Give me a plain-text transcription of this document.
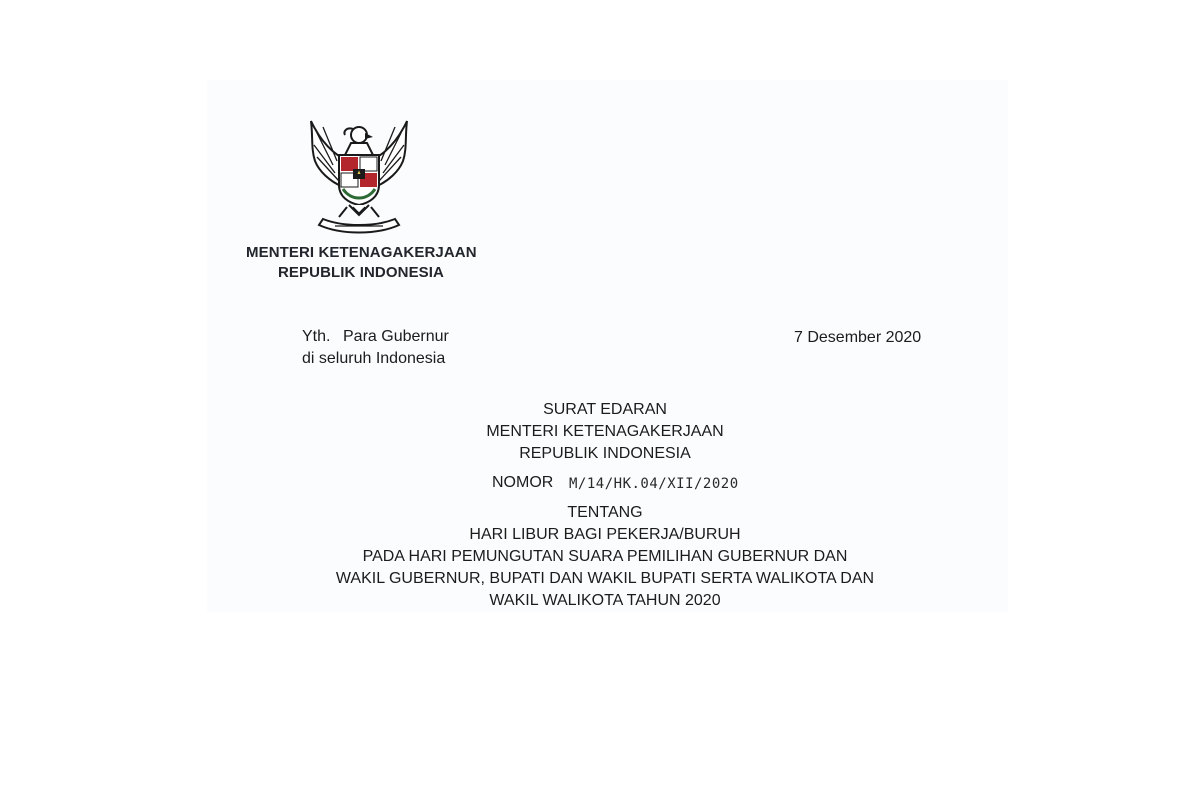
MENTERI KETENAGAKERJAAN
REPUBLIK INDONESIA
Yth. Para Gubernur
di seluruh Indonesia
7 Desember 2020
SURAT EDARAN
MENTERI KETENAGAKERJAAN
REPUBLIK INDONESIA
NOMOR M/14/HK.04/XII/2020
TENTANG
HARI LIBUR BAGI PEKERJA/BURUH
PADA HARI PEMUNGUTAN SUARA PEMILIHAN GUBERNUR DAN
WAKIL GUBERNUR, BUPATI DAN WAKIL BUPATI SERTA WALIKOTA DAN
WAKIL WALIKOTA TAHUN 2020
